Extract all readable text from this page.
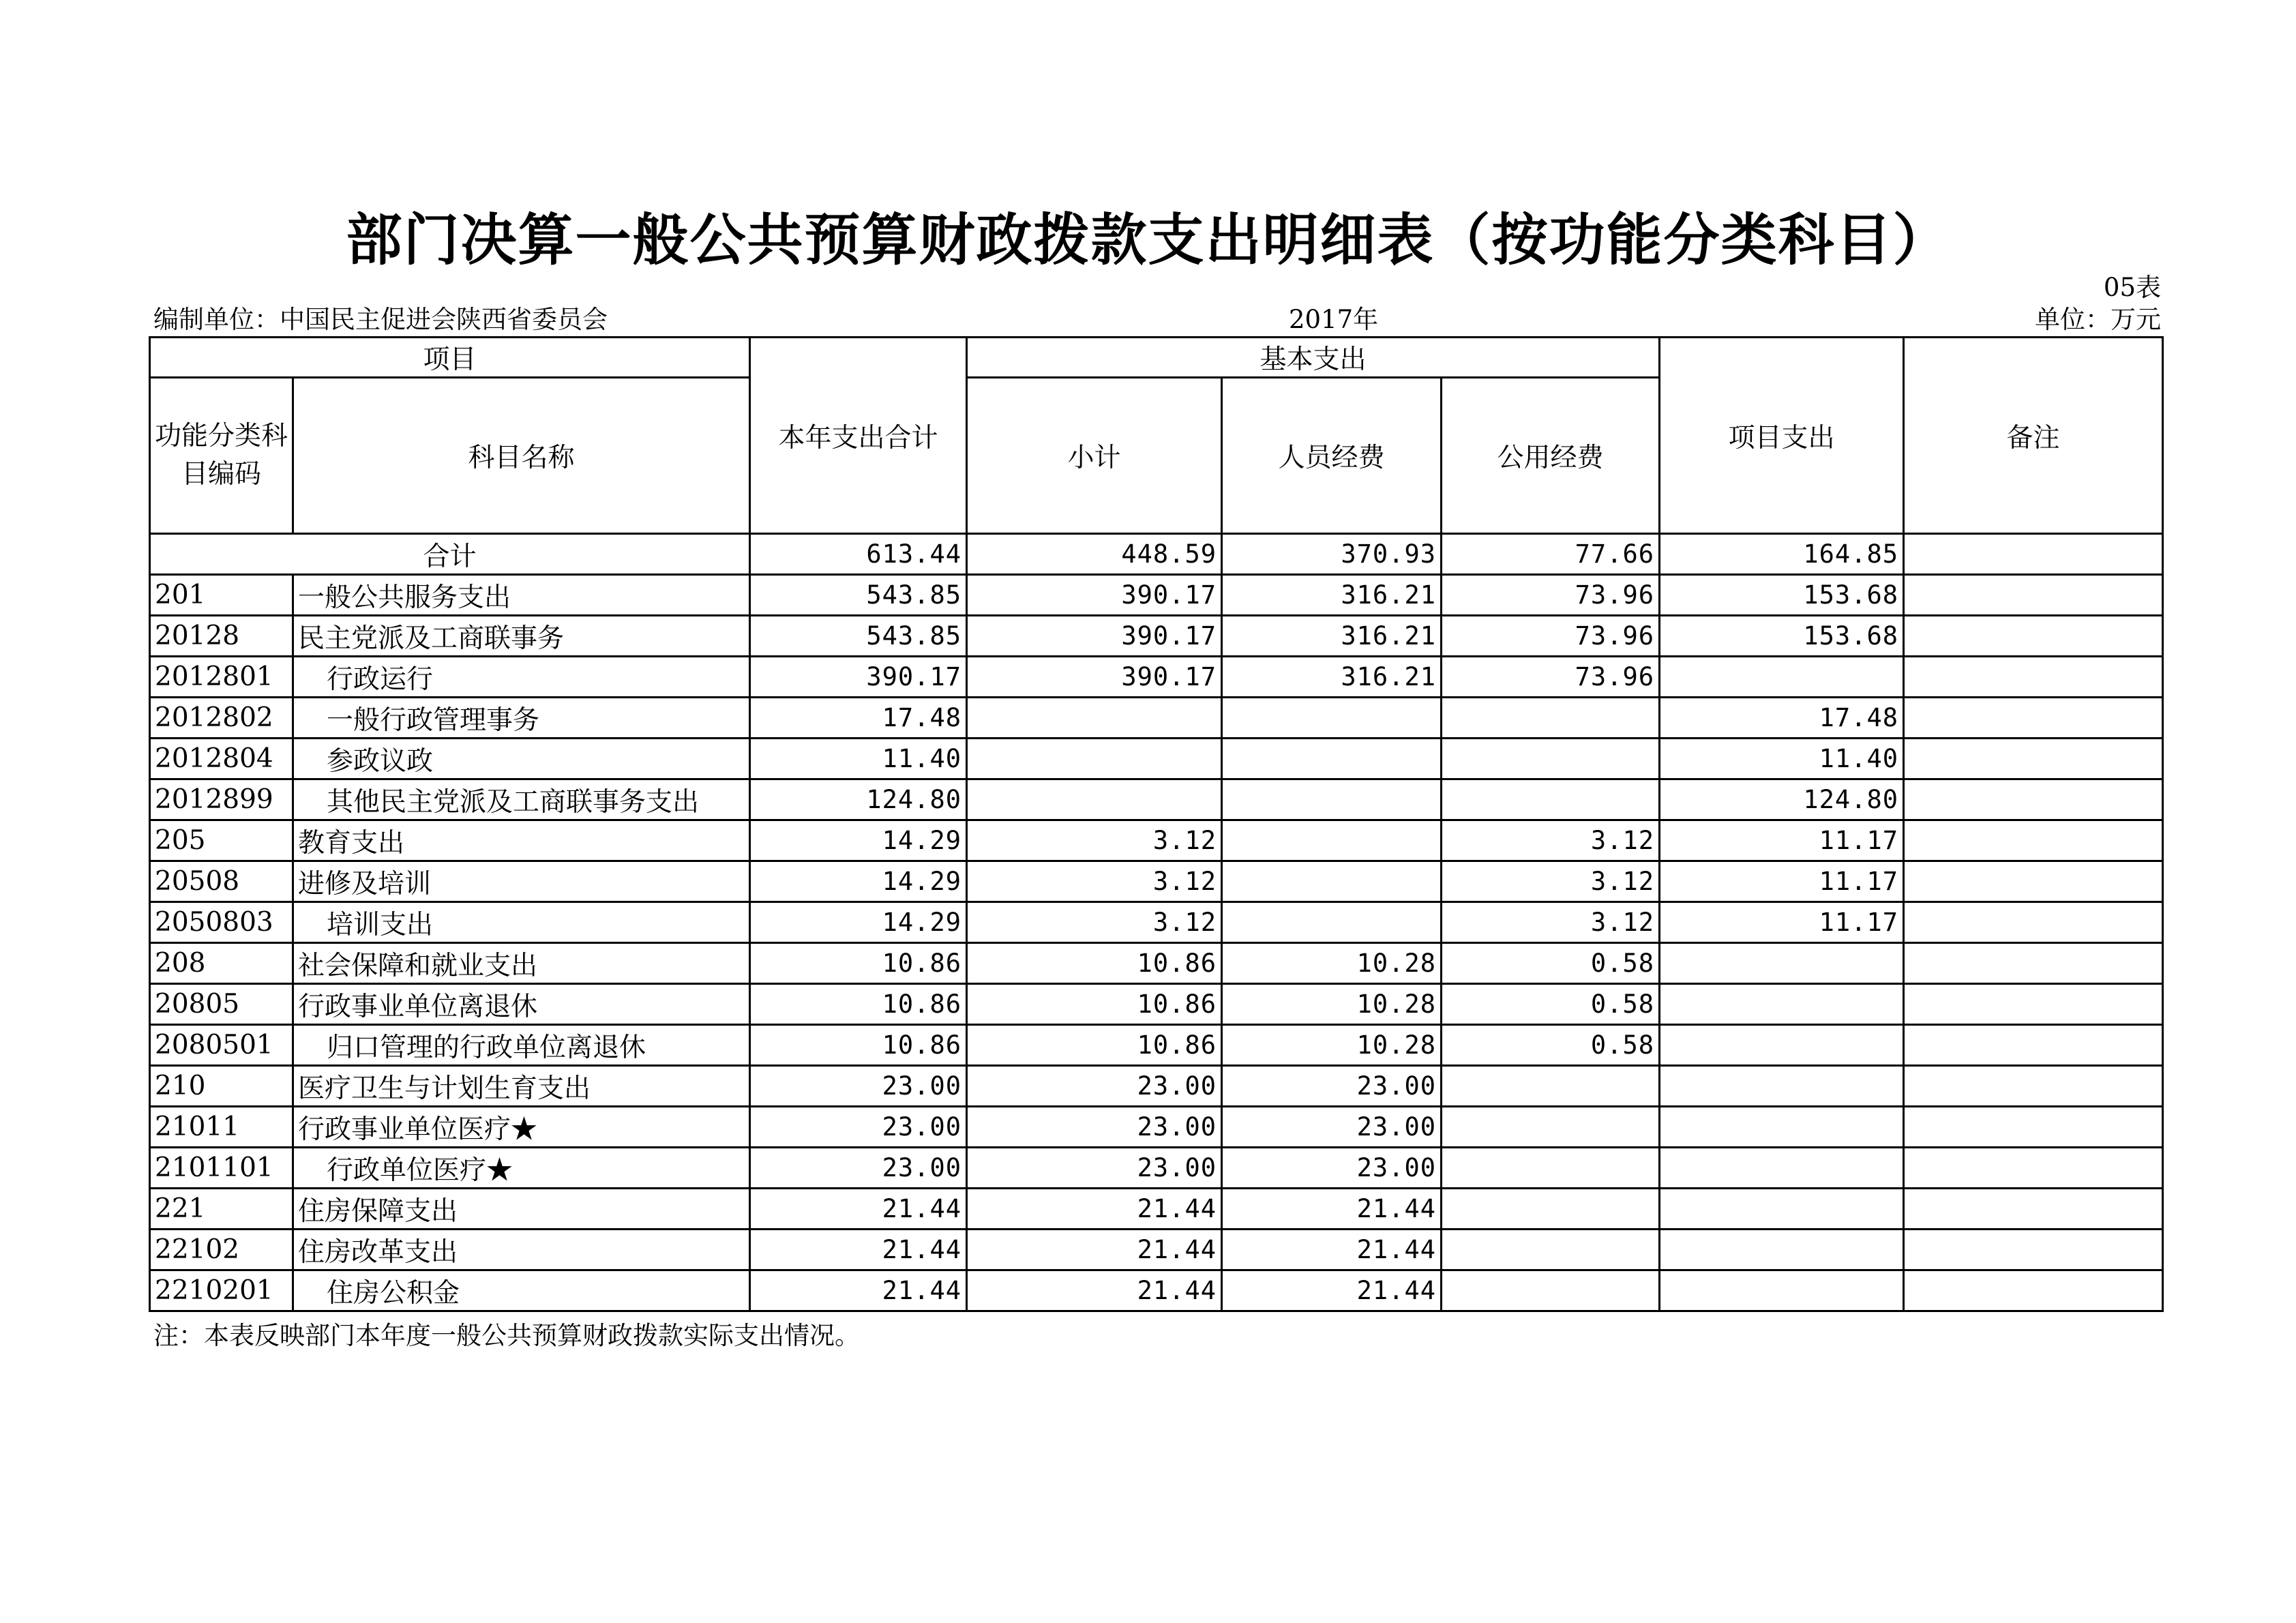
部门决算一般公共预算财政拨款支出明细表（按功能分类科目）
05表
编制单位：中国民主促进会陕西省委员会	2017年	单位：万元
项目		本年支出合计	基本支出			项目支出	备注
功能分类科目编码	科目名称		小计	人员经费	公用经费		
合计		613.44	448.59	370.93	77.66	164.85	
201	一般公共服务支出	543.85	390.17	316.21	73.96	153.68	
20128	民主党派及工商联事务	543.85	390.17	316.21	73.96	153.68	
2012801	行政运行	390.17	390.17	316.21	73.96		
2012802	一般行政管理事务	17.48				17.48	
2012804	参政议政	11.40				11.40	
2012899	其他民主党派及工商联事务支出	124.80				124.80	
205	教育支出	14.29	3.12		3.12	11.17	
20508	进修及培训	14.29	3.12		3.12	11.17	
2050803	培训支出	14.29	3.12		3.12	11.17	
208	社会保障和就业支出	10.86	10.86	10.28	0.58		
20805	行政事业单位离退休	10.86	10.86	10.28	0.58		
2080501	归口管理的行政单位离退休	10.86	10.86	10.28	0.58		
210	医疗卫生与计划生育支出	23.00	23.00	23.00			
21011	行政事业单位医疗★	23.00	23.00	23.00			
2101101	行政单位医疗★	23.00	23.00	23.00			
221	住房保障支出	21.44	21.44	21.44			
22102	住房改革支出	21.44	21.44	21.44			
2210201	住房公积金	21.44	21.44	21.44			
注：本表反映部门本年度一般公共预算财政拨款实际支出情况。
